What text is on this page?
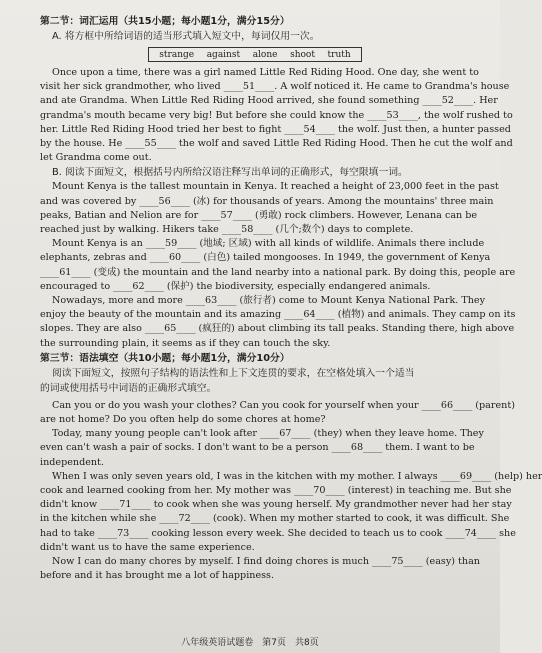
第二节：词汇运用（共15小题；每小题1分，满分15分）
A. 将方框中所给词语的适当形式填入短文中，每词仅用一次。
strange against alone shoot truth
Once upon a time, there was a girl named Little Red Riding Hood. One day, she went to
visit her sick grandmother, who lived ____51____. A wolf noticed it. He came to Grandma's house
and ate Grandma. When Little Red Riding Hood arrived, she found something ____52____. Her
grandma's mouth became very big! But before she could know the ____53____, the wolf rushed to
her. Little Red Riding Hood tried her best to fight ____54____ the wolf. Just then, a hunter passed
by the house. He ____55____ the wolf and saved Little Red Riding Hood. Then he cut the wolf and
let Grandma come out.
B. 阅读下面短文，根据括号内所给汉语注释写出单词的正确形式，每空限填一词。
Mount Kenya is the tallest mountain in Kenya. It reached a height of 23,000 feet in the past
and was covered by ____56____ (冰) for thousands of years. Among the mountains' three main
peaks, Batian and Nelion are for ____57____ (勇敢) rock climbers. However, Lenana can be
reached just by walking. Hikers take ____58____ (几个;数个) days to complete.
Mount Kenya is an ____59____ (地域; 区域) with all kinds of wildlife. Animals there include
elephants, zebras and ____60____ (白色) tailed mongooses. In 1949, the government of Kenya
____61____ (变成) the mountain and the land nearby into a national park. By doing this, people are
encouraged to ____62____ (保护) the biodiversity, especially endangered animals.
Nowadays, more and more ____63____ (旅行者) come to Mount Kenya National Park. They
enjoy the beauty of the mountain and its amazing ____64____ (植物) and animals. They camp on its
slopes. They are also ____65____ (疯狂的) about climbing its tall peaks. Standing there, high above
the surrounding plain, it seems as if they can touch the sky.
第三节：语法填空（共10小题；每小题1分，满分10分）
阅读下面短文，按照句子结构的语法性和上下文连贯的要求，在空格处填入一个适当
的词或使用括号中词语的正确形式填空。
Can you or do you wash your clothes? Can you cook for yourself when your ____66____ (parent)
are not home? Do you often help do some chores at home?
Today, many young people can't look after ____67____ (they) when they leave home. They
even can't wash a pair of socks. I don't want to be a person ____68____ them. I want to be
independent.
When I was only seven years old, I was in the kitchen with my mother. I always ____69____ (help) her
cook and learned cooking from her. My mother was ____70____ (interest) in teaching me. But she
didn't know ____71____ to cook when she was young herself. My grandmother never had her stay
in the kitchen while she ____72____ (cook). When my mother started to cook, it was difficult. She
had to take ____73____ cooking lesson every week. She decided to teach us to cook ____74____ she
didn't want us to have the same experience.
Now I can do many chores by myself. I find doing chores is much ____75____ (easy) than
before and it has brought me a lot of happiness.
八年级英语试题卷　第7页　共8页
